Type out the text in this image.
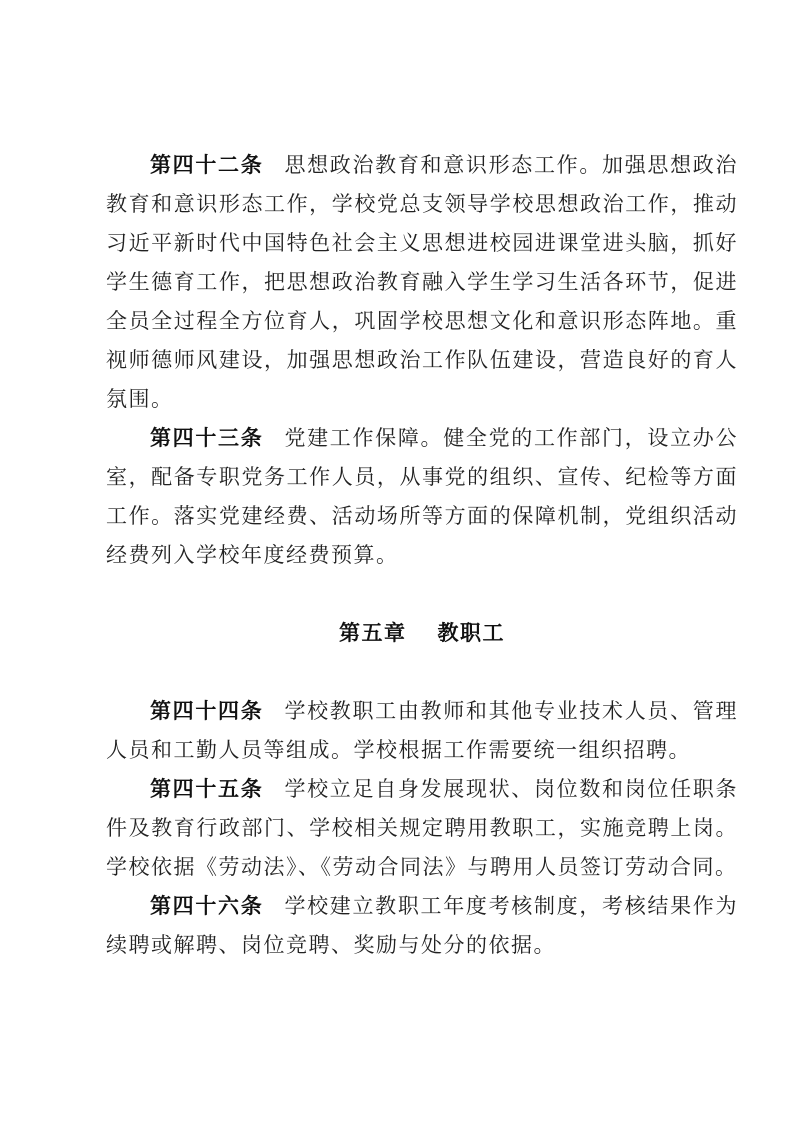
第四十二条 思想政治教育和意识形态工作。加强思想政治教育和意识形态工作，学校党总支领导学校思想政治工作，推动习近平新时代中国特色社会主义思想进校园进课堂进头脑，抓好学生德育工作，把思想政治教育融入学生学习生活各环节，促进全员全过程全方位育人，巩固学校思想文化和意识形态阵地。重视师德师风建设，加强思想政治工作队伍建设，营造良好的育人氛围。

第四十三条 党建工作保障。健全党的工作部门，设立办公室，配备专职党务工作人员，从事党的组织、宣传、纪检等方面工作。落实党建经费、活动场所等方面的保障机制，党组织活动经费列入学校年度经费预算。

第五章 教职工

第四十四条 学校教职工由教师和其他专业技术人员、管理人员和工勤人员等组成。学校根据工作需要统一组织招聘。

第四十五条 学校立足自身发展现状、岗位数和岗位任职条件及教育行政部门、学校相关规定聘用教职工，实施竞聘上岗。学校依据《劳动法》、《劳动合同法》与聘用人员签订劳动合同。

第四十六条 学校建立教职工年度考核制度，考核结果作为续聘或解聘、岗位竞聘、奖励与处分的依据。
